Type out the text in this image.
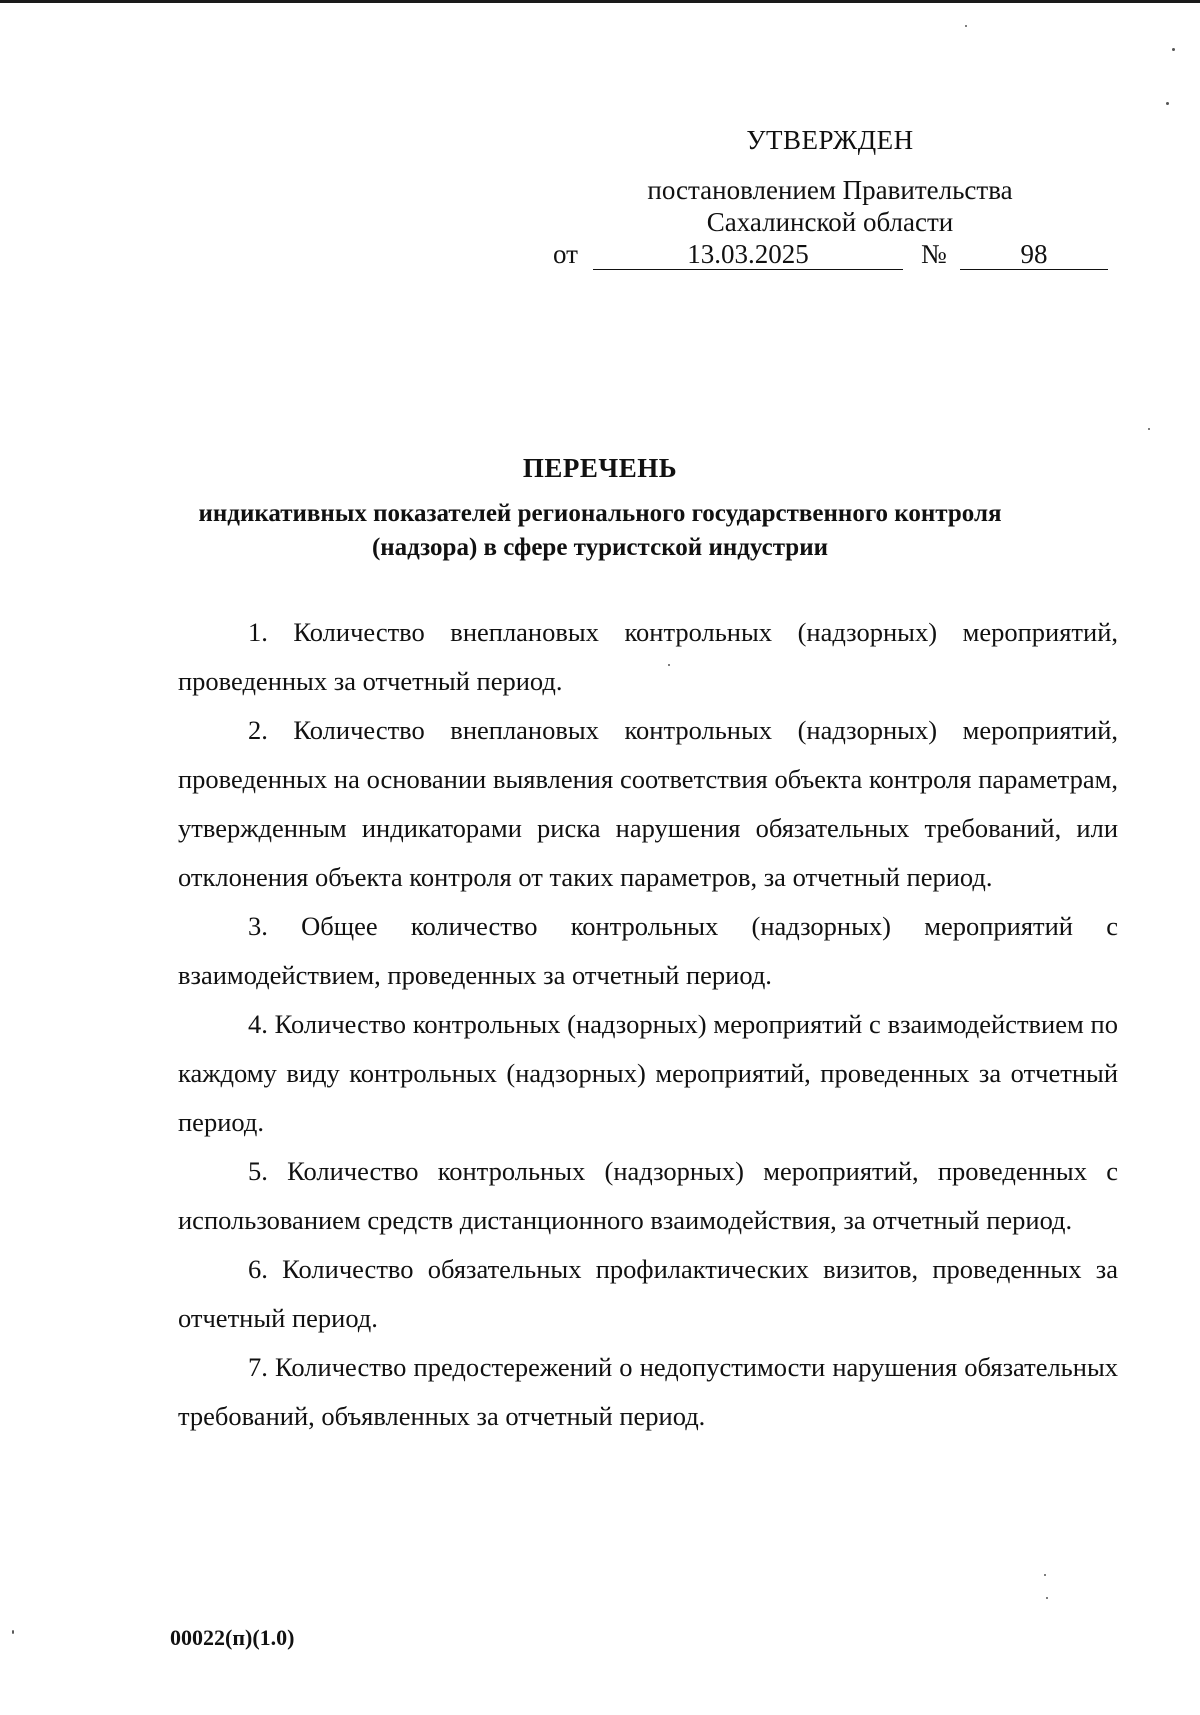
УТВЕРЖДЕН
постановлением Правительства
Сахалинской области
от	13.03.2025	№	98
ПЕРЕЧЕНЬ
индикативных показателей регионального государственного контроля (надзора) в сфере туристской индустрии

1. Количество внеплановых контрольных (надзорных) мероприятий, проведенных за отчетный период.

2. Количество внеплановых контрольных (надзорных) мероприятий, проведенных на основании выявления соответствия объекта контроля параметрам, утвержденным индикаторами риска нарушения обязательных требований, или отклонения объекта контроля от таких параметров, за отчетный период.

3. Общее количество контрольных (надзорных) мероприятий с взаимодействием, проведенных за отчетный период.

4. Количество контрольных (надзорных) мероприятий с взаимодействием по каждому виду контрольных (надзорных) мероприятий, проведенных за отчетный период.

5. Количество контрольных (надзорных) мероприятий, проведенных с использованием средств дистанционного взаимодействия, за отчетный период.

6. Количество обязательных профилактических визитов, проведенных за отчетный период.

7. Количество предостережений о недопустимости нарушения обязательных требований, объявленных за отчетный период.

00022(п)(1.0)
